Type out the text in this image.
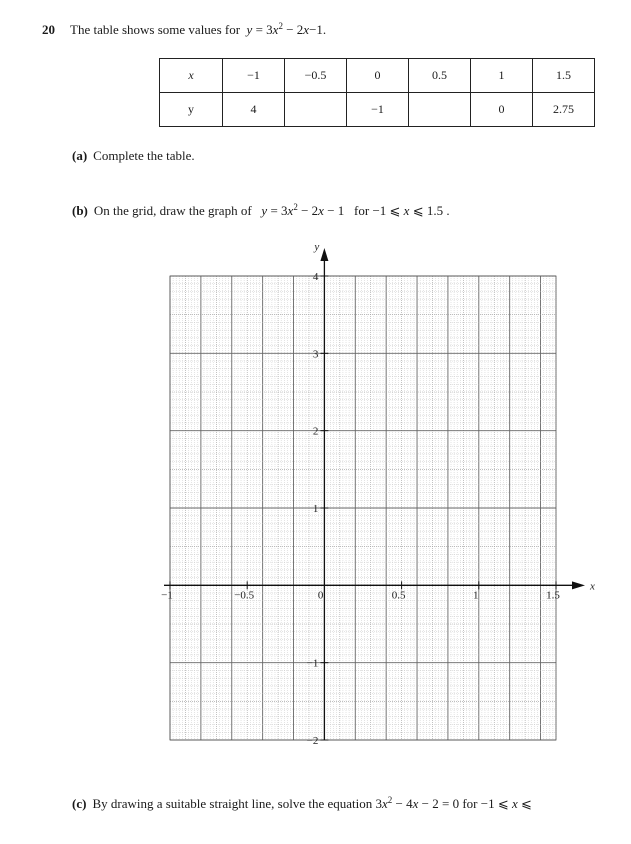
20 The table shows some values for $y = 3x^2 - 2x-1$.
x	−1	−0.5	0	0.5	1	1.5
y	4		−1		0	2.75
(a) Complete the table.
(b) On the grid, draw the graph of $y = 3x^2 - 2x - 1$ for −1 ⩽ x ⩽ 1.5 .
−1	−0.5	0	0.5	1	1.5
4
3
2
1
−1
−2
x
y
(c) By drawing a suitable straight line, solve the equation $3x^2 - 4x - 2 = 0$ for −1 ⩽ x ⩽
